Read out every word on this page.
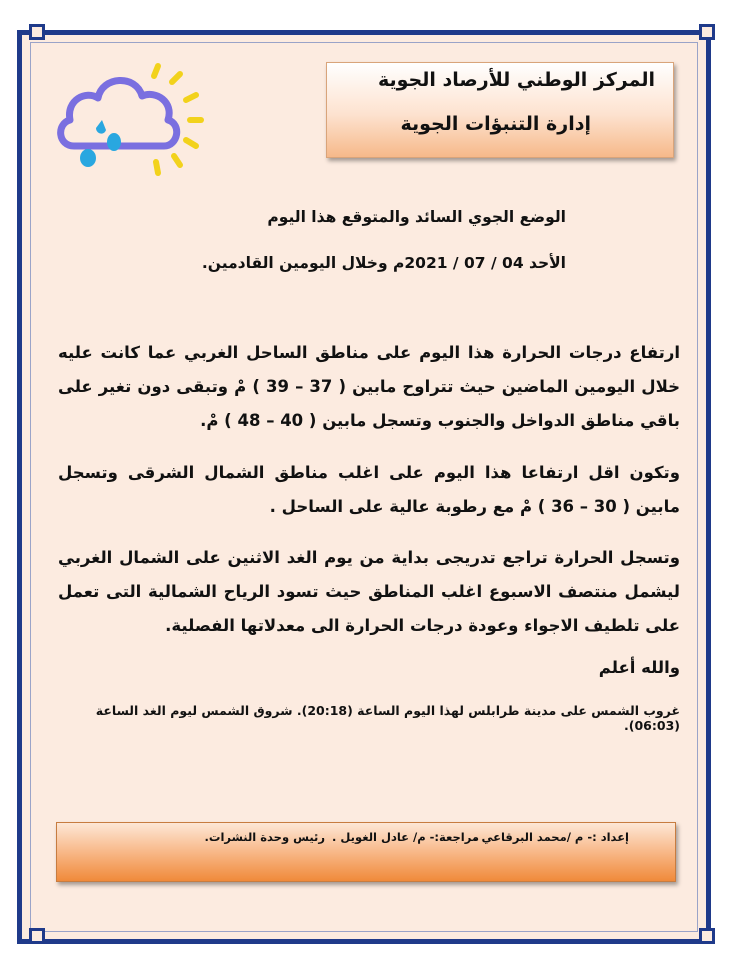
المركز الوطني للأرصاد الجوية
إدارة التنبؤات الجوية
الوضع الجوي السائد والمتوقع هذا اليوم
الأحد 04 / 07 / 2021م وخلال اليومين القادمين.
ارتفاع درجات الحرارة هذا اليوم على مناطق الساحل الغربي عما كانت عليه خلال اليومين الماضين حيث تتراوح مابين ( 37 – 39 ) مْ وتبقى دون تغير على باقي مناطق الدواخل والجنوب وتسجل مابين ( 40 – 48 ) مْ.
وتكون اقل ارتفاعا هذا اليوم على اغلب مناطق الشمال الشرقى وتسجل مابين ( 30 – 36 ) مْ مع رطوبة عالية على الساحل .
وتسجل الحرارة تراجع تدريجى بداية من يوم الغد الاثنين على الشمال الغربي ليشمل منتصف الاسبوع اغلب المناطق حيث تسود الرياح الشمالية التى تعمل على تلطيف الاجواء وعودة درجات الحرارة الى معدلاتها الفصلية.
والله أعلم
غروب الشمس على مدينة طرابلس لهذا اليوم الساعة (20:18). شروق الشمس ليوم الغد الساعة (06:03).
إعداد :- م /محمد البرقاعي .
مراجعة:- م/ عادل الغويل .
رئيس وحدة النشرات.
